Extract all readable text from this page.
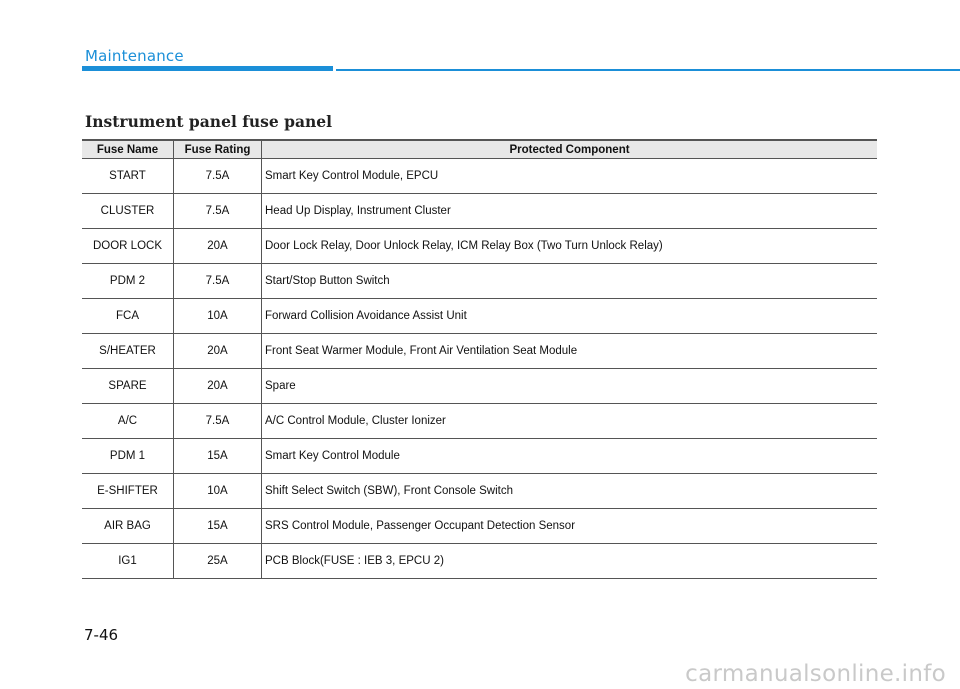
Maintenance
Instrument panel fuse panel
Fuse Name	Fuse Rating	Protected Component
START	7.5A	Smart Key Control Module, EPCU
CLUSTER	7.5A	Head Up Display, Instrument Cluster
DOOR LOCK	20A	Door Lock Relay, Door Unlock Relay, ICM Relay Box (Two Turn Unlock Relay)
PDM 2	7.5A	Start/Stop Button Switch
FCA	10A	Forward Collision Avoidance Assist Unit
S/HEATER	20A	Front Seat Warmer Module, Front Air Ventilation Seat Module
SPARE	20A	Spare
A/C	7.5A	A/C Control Module, Cluster Ionizer
PDM 1	15A	Smart Key Control Module
E-SHIFTER	10A	Shift Select Switch (SBW), Front Console Switch
AIR BAG	15A	SRS Control Module, Passenger Occupant Detection Sensor
IG1	25A	PCB Block(FUSE : IEB 3, EPCU 2)
7-46
carmanualsonline.info
